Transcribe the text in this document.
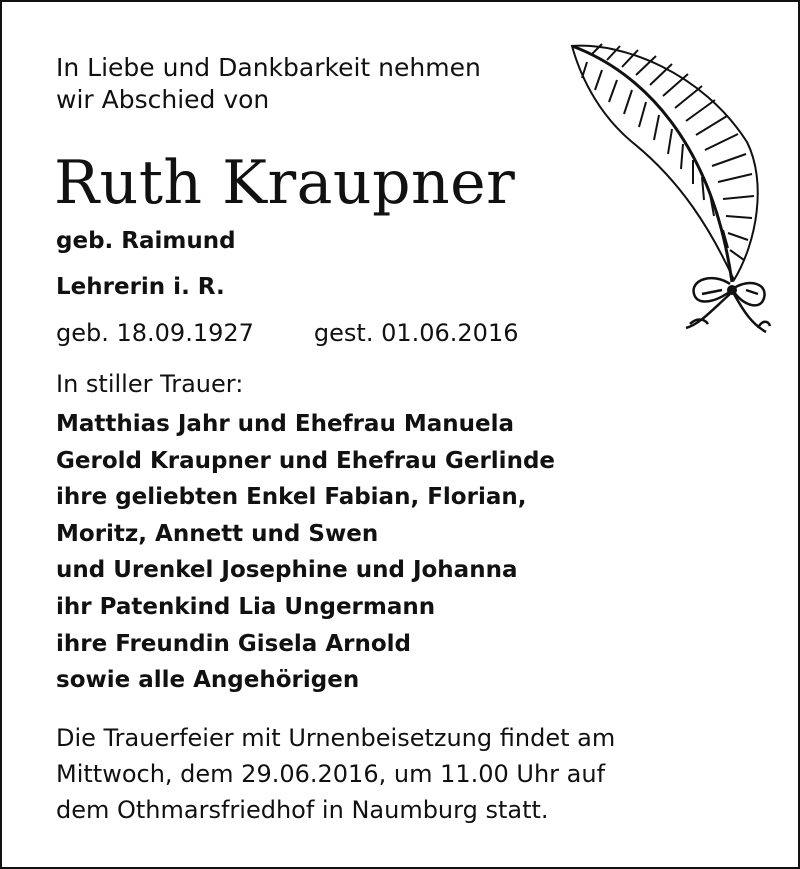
In Liebe und Dankbarkeit nehmen
wir Abschied von
Ruth Kraupner
geb. Raimund
Lehrerin i. R.
geb. 18.09.1927	gest. 01.06.2016
In stiller Trauer:
Matthias Jahr und Ehefrau Manuela
Gerold Kraupner und Ehefrau Gerlinde
ihre geliebten Enkel Fabian, Florian,
Moritz, Annett und Swen
und Urenkel Josephine und Johanna
ihr Patenkind Lia Ungermann
ihre Freundin Gisela Arnold
sowie alle Angehörigen
Die Trauerfeier mit Urnenbeisetzung findet am
Mittwoch, dem 29.06.2016, um 11.00 Uhr auf
dem Othmarsfriedhof in Naumburg statt.
